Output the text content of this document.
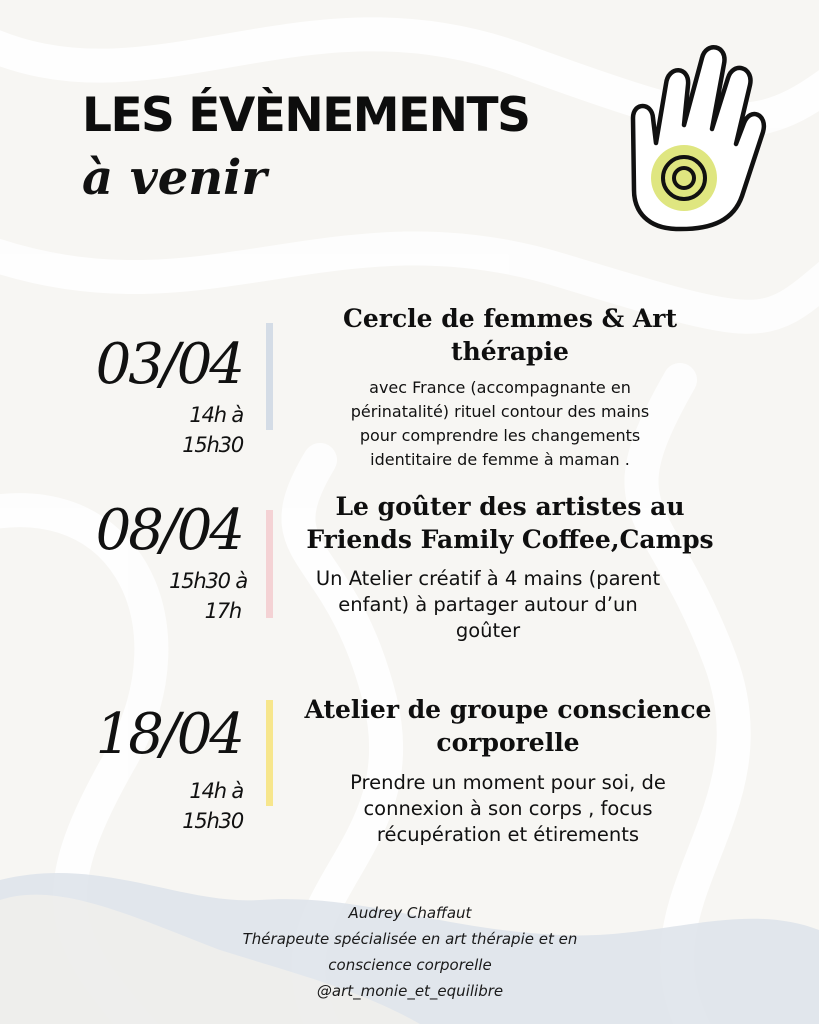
LES ÉVÈNEMENTS
à venir
03/04
14h à
15h30
Cercle de femmes & Art
thérapie
avec France (accompagnante en
périnatalité) rituel contour des mains
pour comprendre les changements
identitaire de femme à maman .
08/04
15h30 à
17h
Le goûter des artistes au
Friends Family Coffee,Camps
Un Atelier créatif à 4 mains (parent
enfant) à partager autour d’un
goûter
18/04
14h à
15h30
Atelier de groupe conscience
corporelle
Prendre un moment pour soi, de
connexion à son corps , focus
récupération et étirements
Audrey Chaffaut
Thérapeute spécialisée en art thérapie et en
conscience corporelle
@art_monie_et_equilibre
